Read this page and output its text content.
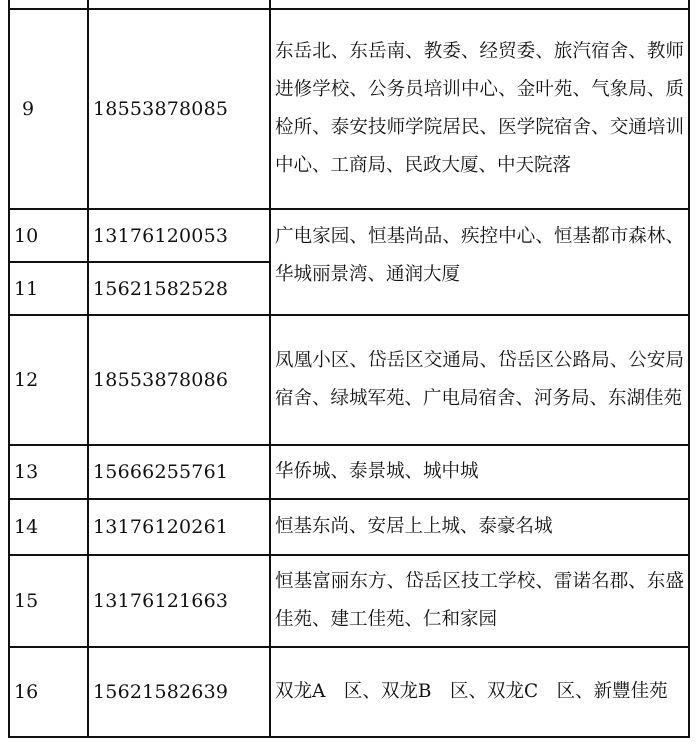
9	18553878085	东岳北、东岳南、教委、经贸委、旅汽宿舍、教师进修学校、公务员培训中心、金叶苑、气象局、质检所、泰安技师学院居民、医学院宿舍、交通培训中心、工商局、民政大厦、中天院落
10	13176120053	广电家园、恒基尚品、疾控中心、恒基都市森林、华城丽景湾、通润大厦

11	15621582528	
12	18553878086	凤凰小区、岱岳区交通局、岱岳区公路局、公安局宿舍、绿城军苑、广电局宿舍、河务局、东湖佳苑
13	15666255761	华侨城、泰景城、城中城
14	13176120261	恒基东尚、安居上上城、泰豪名城
15	13176121663	恒基富丽东方、岱岳区技工学校、雷诺名郡、东盛佳苑、建工佳苑、仁和家园
16	15621582639	双龙A　区、双龙B　区、双龙C　区、新豐佳苑
